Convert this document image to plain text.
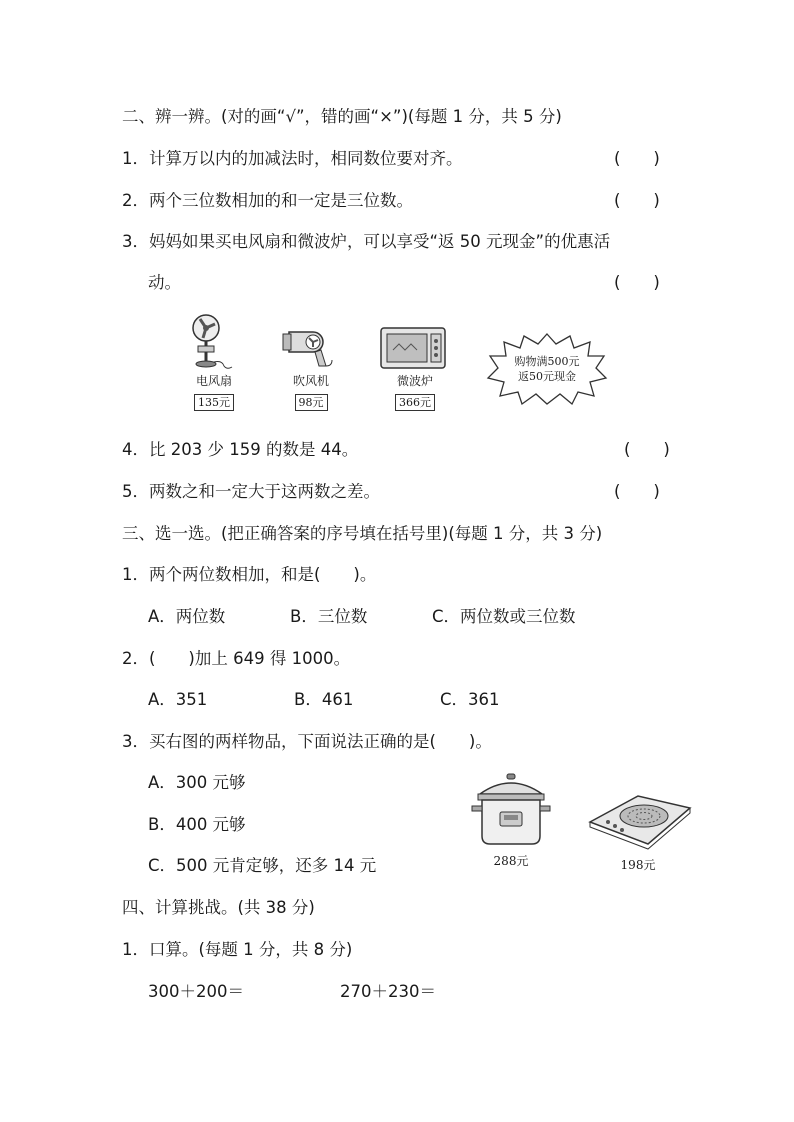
二、辨一辨。(对的画“√”，错的画“×”)(每题 1 分，共 5 分)
1．计算万以内的加减法时，相同数位要对齐。	(　　)
2．两个三位数相加的和一定是三位数。	(　　)
3．妈妈如果买电风扇和微波炉，可以享受“返 50 元现金”的优惠活
动。	(　　)
电风扇
135元
吹风机
98元
微波炉
366元
购物满500元
返50元现金
4．比 203 少 159 的数是 44。	(　　)
5．两数之和一定大于这两数之差。	(　　)
三、选一选。(把正确答案的序号填在括号里)(每题 1 分，共 3 分)
1．两个两位数相加，和是(　　)。
A．两位数	B．三位数	C．两位数或三位数
2．(　　)加上 649 得 1000。
A．351	B．461	C．361
3．买右图的两样物品，下面说法正确的是(　　)。
A．300 元够
B．400 元够
C．500 元肯定够，还多 14 元	288元	198元
四、计算挑战。(共 38 分)
1．口算。(每题 1 分，共 8 分)
300＋200＝	270＋230＝
